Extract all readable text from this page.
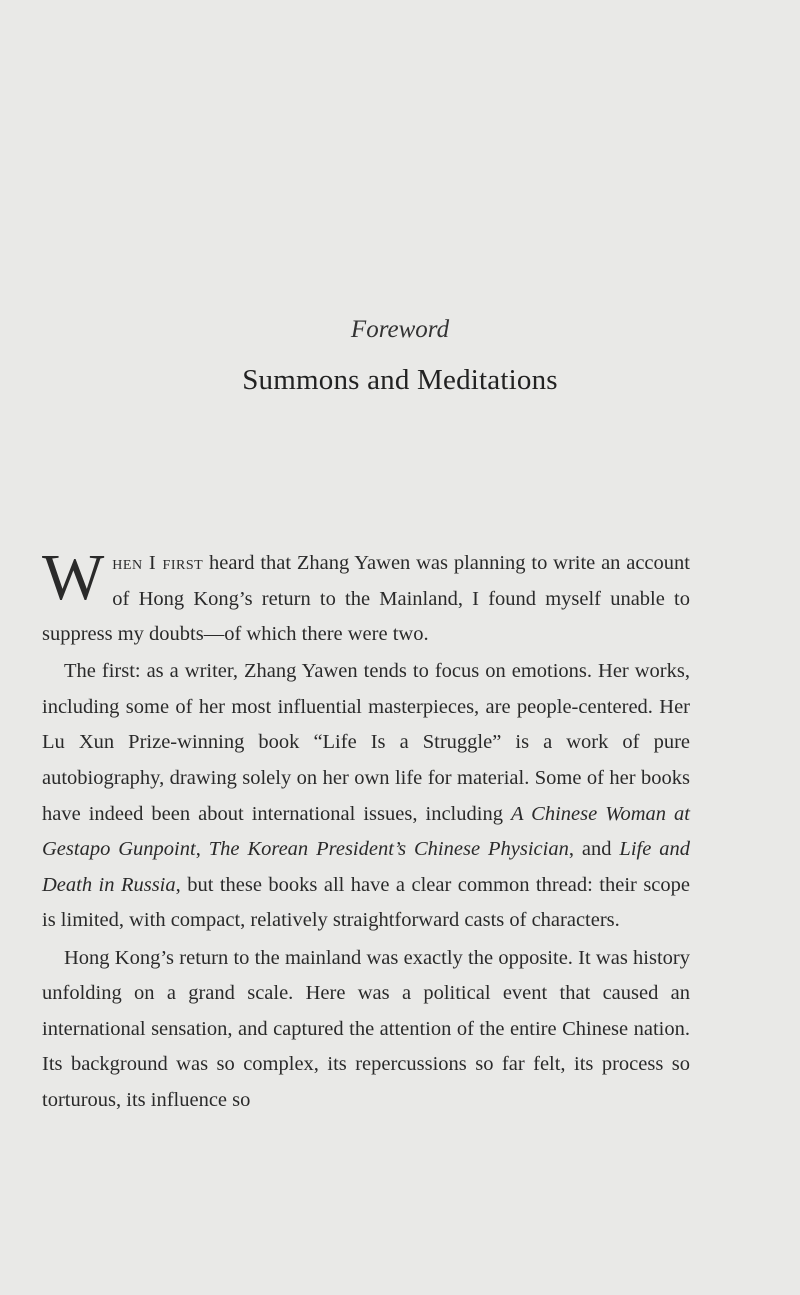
Foreword
Summons and Meditations

When I first heard that Zhang Yawen was planning to write an account of Hong Kong’s return to the Mainland, I found myself unable to suppress my doubts—of which there were two.

The first: as a writer, Zhang Yawen tends to focus on emotions. Her works, including some of her most influential masterpieces, are people-centered. Her Lu Xun Prize-winning book “Life Is a Struggle” is a work of pure autobiography, drawing solely on her own life for material. Some of her books have indeed been about international issues, including A Chinese Woman at Gestapo Gunpoint, The Korean President’s Chinese Physician, and Life and Death in Russia, but these books all have a clear common thread: their scope is limited, with compact, relatively straightforward casts of characters.

Hong Kong’s return to the mainland was exactly the opposite. It was history unfolding on a grand scale. Here was a political event that caused an international sensation, and captured the attention of the entire Chinese nation. Its background was so complex, its repercussions so far felt, its process so torturous, its influence so
